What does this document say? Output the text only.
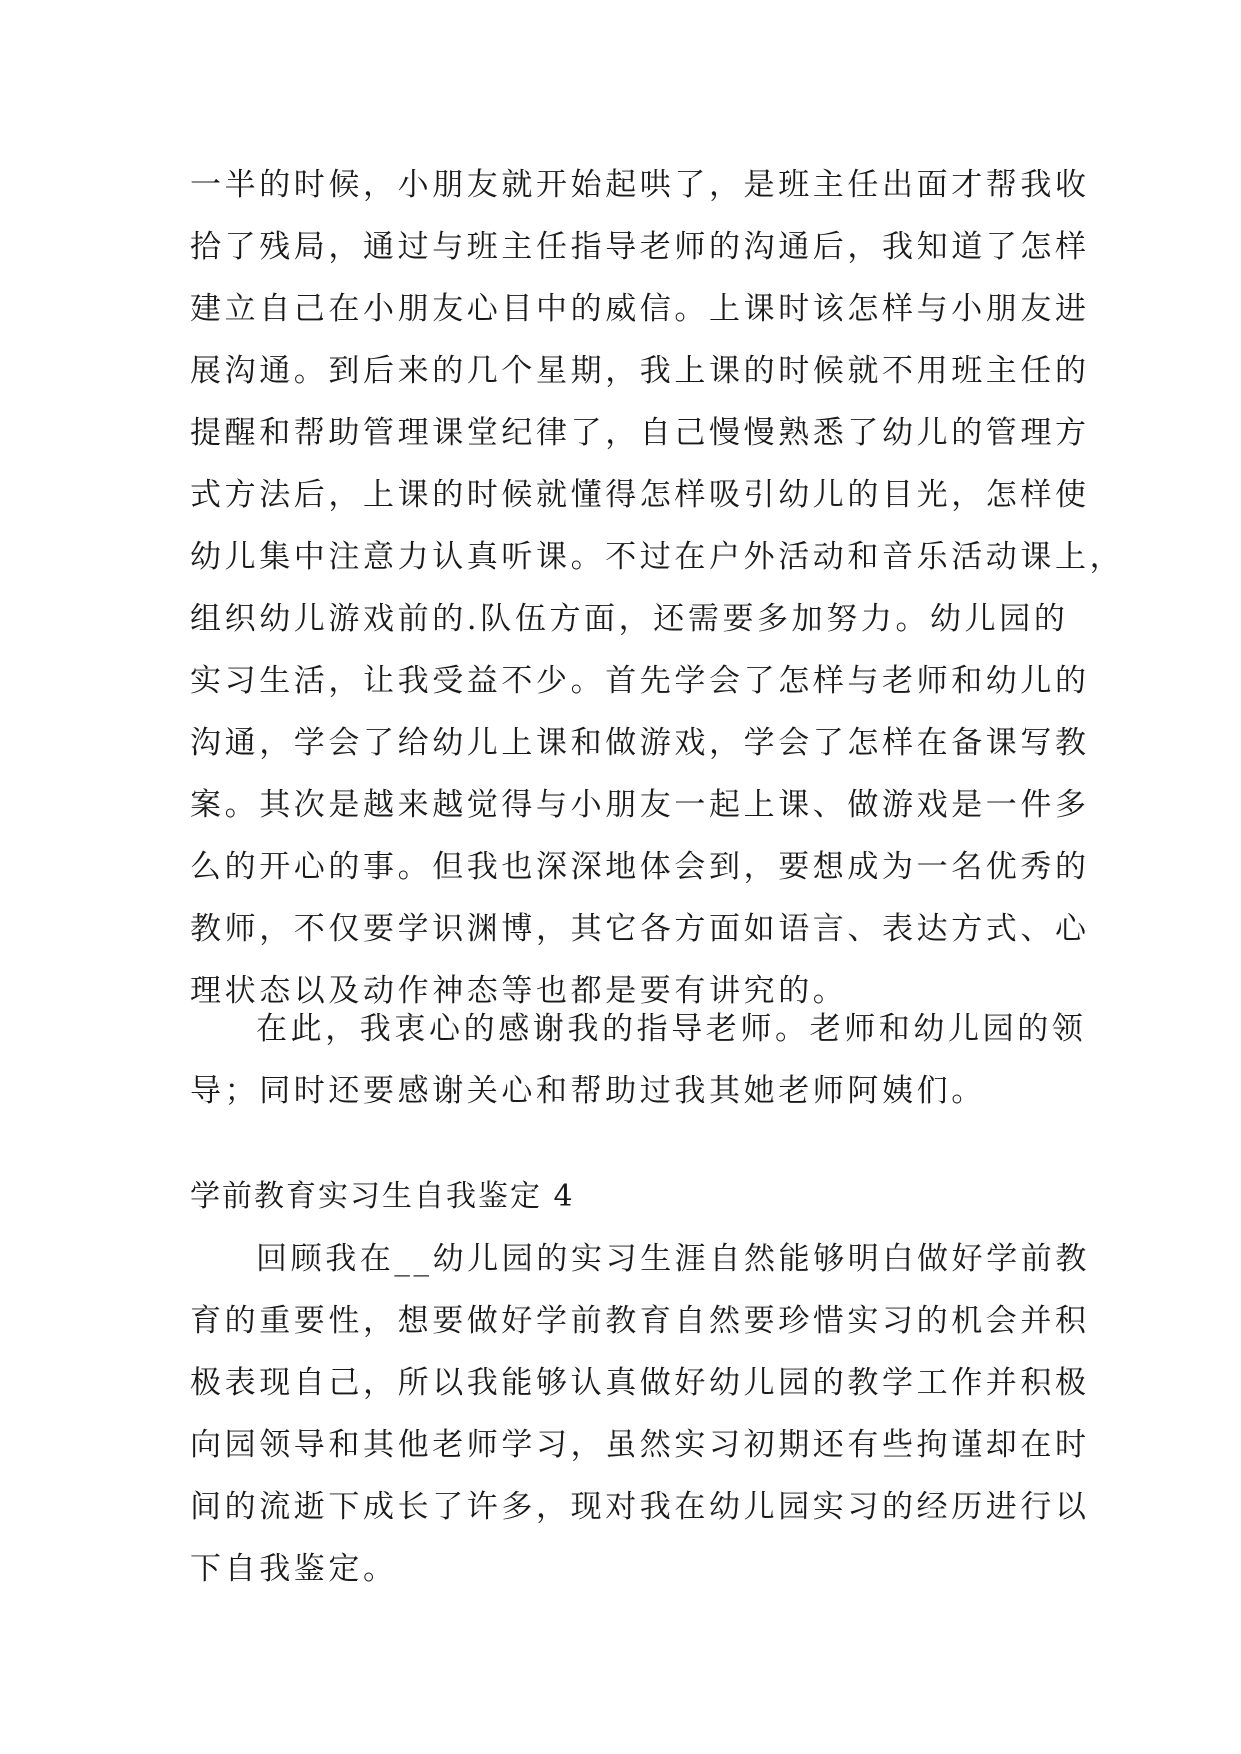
一半的时候，小朋友就开始起哄了，是班主任出面才帮我收
拾了残局，通过与班主任指导老师的沟通后，我知道了怎样
建立自己在小朋友心目中的威信。上课时该怎样与小朋友进
展沟通。到后来的几个星期，我上课的时候就不用班主任的
提醒和帮助管理课堂纪律了，自己慢慢熟悉了幼儿的管理方
式方法后，上课的时候就懂得怎样吸引幼儿的目光，怎样使
幼儿集中注意力认真听课。不过在户外活动和音乐活动课上，
组织幼儿游戏前的.队伍方面，还需要多加努力。幼儿园的
实习生活，让我受益不少。首先学会了怎样与老师和幼儿的
沟通，学会了给幼儿上课和做游戏，学会了怎样在备课写教
案。其次是越来越觉得与小朋友一起上课、做游戏是一件多
么的开心的事。但我也深深地体会到，要想成为一名优秀的
教师，不仅要学识渊博，其它各方面如语言、表达方式、心
理状态以及动作神态等也都是要有讲究的。
在此，我衷心的感谢我的指导老师。老师和幼儿园的领
导；同时还要感谢关心和帮助过我其她老师阿姨们。
学前教育实习生自我鉴定 4
回顾我在__幼儿园的实习生涯自然能够明白做好学前教
育的重要性，想要做好学前教育自然要珍惜实习的机会并积
极表现自己，所以我能够认真做好幼儿园的教学工作并积极
向园领导和其他老师学习，虽然实习初期还有些拘谨却在时
间的流逝下成长了许多，现对我在幼儿园实习的经历进行以
下自我鉴定。
